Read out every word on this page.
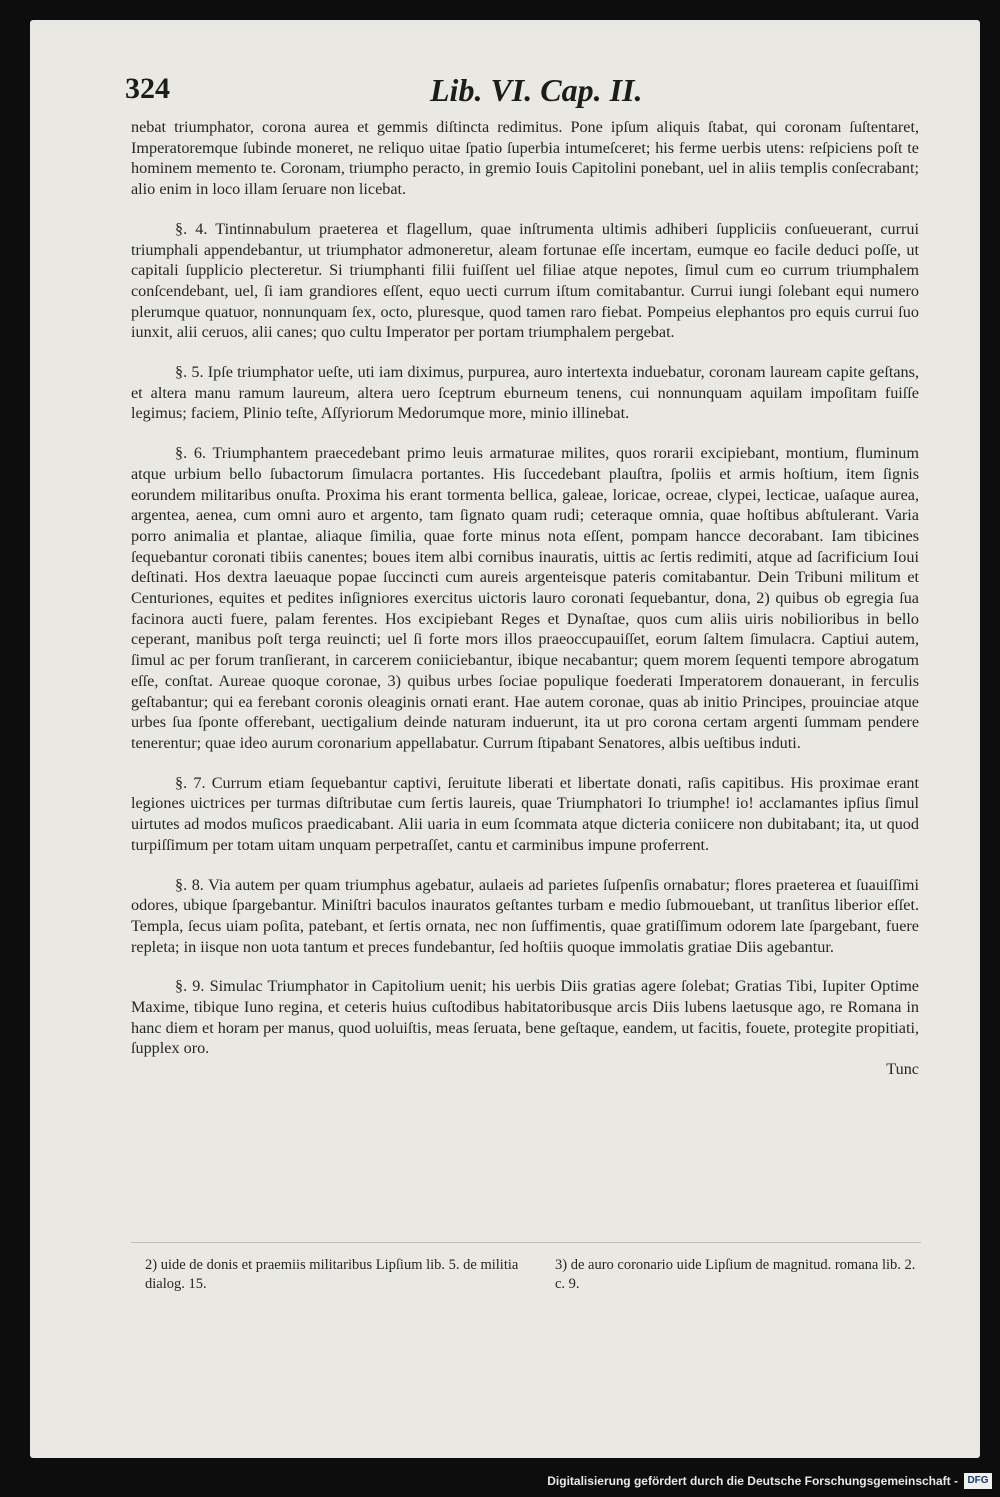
324	Lib. VI. Cap. II.

nebat triumphator, corona aurea et gemmis diſtincta redimitus. Pone ipſum aliquis ſtabat, qui coronam ſuſtentaret, Imperatoremque ſubinde moneret, ne reliquo uitae ſpatio ſuperbia intumeſceret; his ferme uerbis utens: reſpiciens poſt te hominem memento te. Coronam, triumpho peracto, in gremio Iouis Capitolini ponebant, uel in aliis templis conſecrabant; alio enim in loco illam ſeruare non licebat.

§. 4. Tintinnabulum praeterea et flagellum, quae inſtrumenta ultimis adhiberi ſuppliciis conſueuerant, currui triumphali appendebantur, ut triumphator admoneretur, aleam fortunae eſſe incertam, eumque eo facile deduci poſſe, ut capitali ſupplicio plecteretur. Si triumphanti filii fuiſſent uel filiae atque nepotes, ſimul cum eo currum triumphalem conſcendebant, uel, ſi iam grandiores eſſent, equo uecti currum iſtum comitabantur. Currui iungi ſolebant equi numero plerumque quatuor, nonnunquam ſex, octo, pluresque, quod tamen raro fiebat. Pompeius elephantos pro equis currui ſuo iunxit, alii ceruos, alii canes; quo cultu Imperator per portam triumphalem pergebat.

§. 5. Ipſe triumphator ueſte, uti iam diximus, purpurea, auro intertexta induebatur, coronam lauream capite geſtans, et altera manu ramum laureum, altera uero ſceptrum eburneum tenens, cui nonnunquam aquilam impoſitam fuiſſe legimus; faciem, Plinio teſte, Aſſyriorum Medorumque more, minio illinebat.

§. 6. Triumphantem praecedebant primo leuis armaturae milites, quos rorarii excipiebant, montium, fluminum atque urbium bello ſubactorum ſimulacra portantes. His ſuccedebant plauſtra, ſpoliis et armis hoſtium, item ſignis eorundem militaribus onuſta. Proxima his erant tormenta bellica, galeae, loricae, ocreae, clypei, lecticae, uaſaque aurea, argentea, aenea, cum omni auro et argento, tam ſignato quam rudi; ceteraque omnia, quae hoſtibus abſtulerant. Varia porro animalia et plantae, aliaque ſimilia, quae forte minus nota eſſent, pompam hancce decorabant. Iam tibicines ſequebantur coronati tibiis canentes; boues item albi cornibus inauratis, uittis ac ſertis redimiti, atque ad ſacrificium Ioui deſtinati. Hos dextra laeuaque popae ſuccincti cum aureis argenteisque pateris comitabantur. Dein Tribuni militum et Centuriones, equites et pedites inſigniores exercitus uictoris lauro coronati ſequebantur, dona, 2) quibus ob egregia ſua facinora aucti fuere, palam ferentes. Hos excipiebant Reges et Dynaſtae, quos cum aliis uiris nobilioribus in bello ceperant, manibus poſt terga reuincti; uel ſi forte mors illos praeoccupauiſſet, eorum ſaltem ſimulacra. Captiui autem, ſimul ac per forum tranſierant, in carcerem coniiciebantur, ibique necabantur; quem morem ſequenti tempore abrogatum eſſe, conſtat. Aureae quoque coronae, 3) quibus urbes ſociae populique foederati Imperatorem donauerant, in ferculis geſtabantur; qui ea ferebant coronis oleaginis ornati erant. Hae autem coronae, quas ab initio Principes, prouinciae atque urbes ſua ſponte offerebant, uectigalium deinde naturam induerunt, ita ut pro corona certam argenti ſummam pendere tenerentur; quae ideo aurum coronarium appellabatur. Currum ſtipabant Senatores, albis ueſtibus induti.

§. 7. Currum etiam ſequebantur captivi, ſeruitute liberati et libertate donati, raſis capitibus. His proximae erant legiones uictrices per turmas diſtributae cum ſertis laureis, quae Triumphatori Io triumphe! io! acclamantes ipſius ſimul uirtutes ad modos muſicos praedicabant. Alii uaria in eum ſcommata atque dicteria coniicere non dubitabant; ita, ut quod turpiſſimum per totam uitam unquam perpetraſſet, cantu et carminibus impune proferrent.

§. 8. Via autem per quam triumphus agebatur, aulaeis ad parietes ſuſpenſis ornabatur; flores praeterea et ſuauiſſimi odores, ubique ſpargebantur. Miniſtri baculos inauratos geſtantes turbam e medio ſubmouebant, ut tranſitus liberior eſſet. Templa, ſecus uiam poſita, patebant, et ſertis ornata, nec non ſuffimentis, quae gratiſſimum odorem late ſpargebant, fuere repleta; in iisque non uota tantum et preces fundebantur, ſed hoſtiis quoque immolatis gratiae Diis agebantur.

§. 9. Simulac Triumphator in Capitolium uenit; his uerbis Diis gratias agere ſolebat; Gratias Tibi, Iupiter Optime Maxime, tibique Iuno regina, et ceteris huius cuſtodibus habitatoribusque arcis Diis lubens laetusque ago, re Romana in hanc diem et horam per manus, quod uoluiſtis, meas ſeruata, bene geſtaque, eandem, ut facitis, fouete, protegite propitiati, ſupplex oro.

Tunc

2) uide de donis et praemiis militaribus Lipſium lib. 5. de militia dialog. 15.
3) de auro coronario uide Lipſium de magnitud. romana lib. 2. c. 9.
Digitalisierung gefördert durch die Deutsche Forschungsgemeinschaft - DFG
